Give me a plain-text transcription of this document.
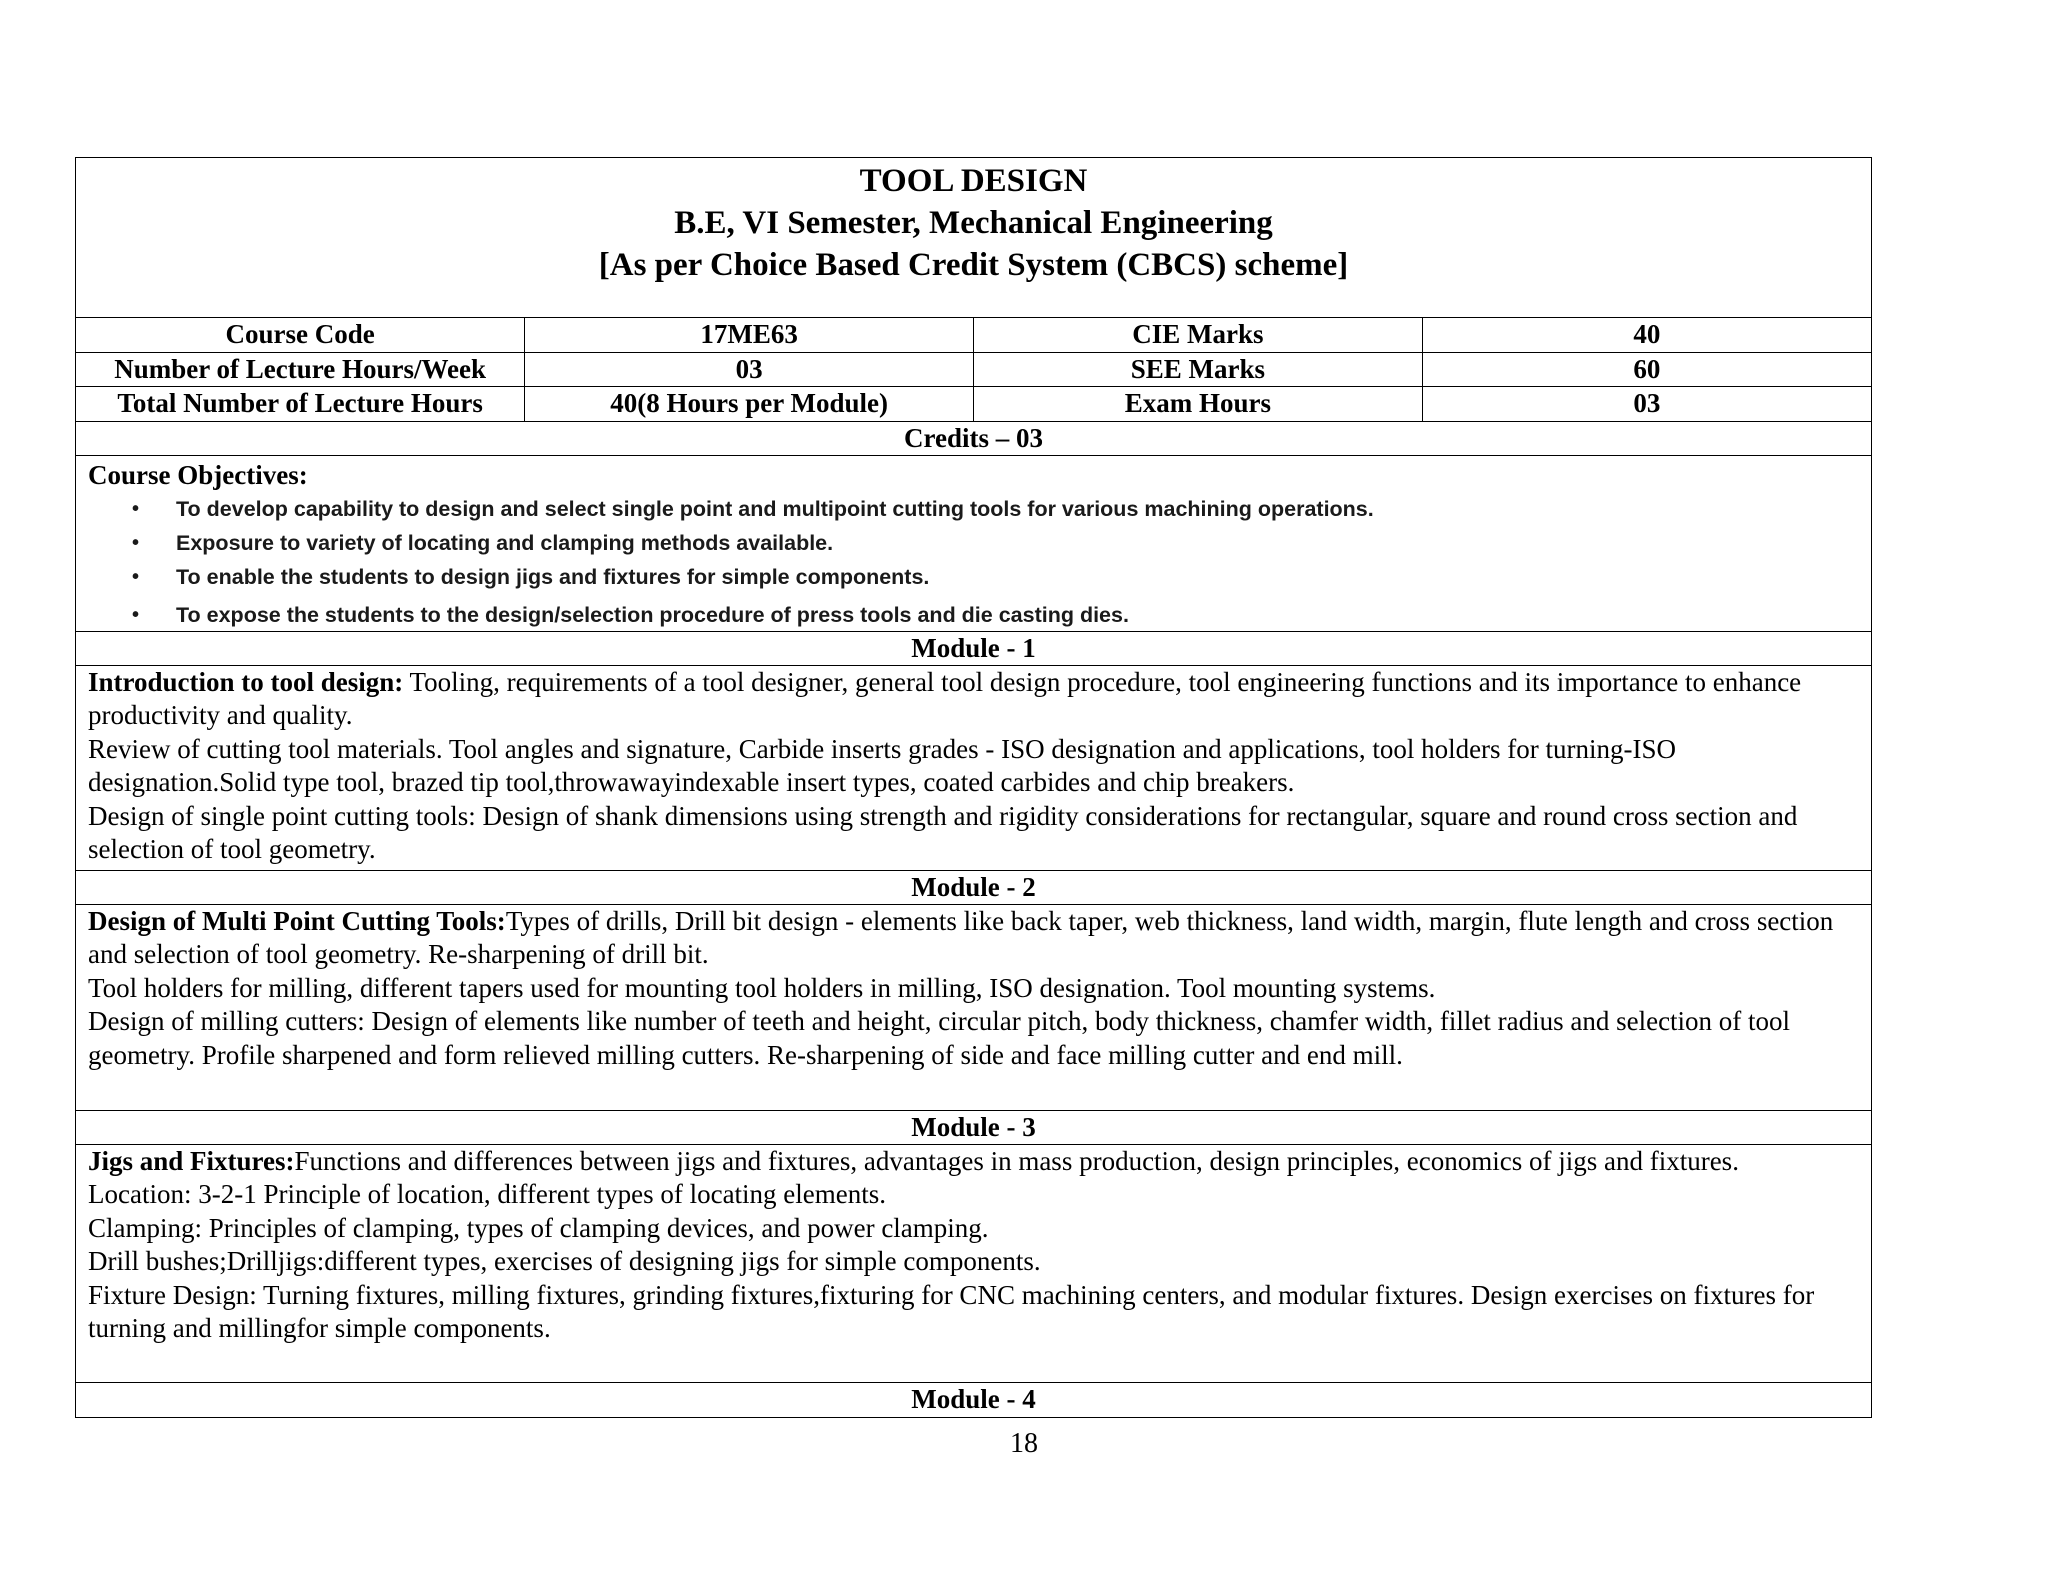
TOOL DESIGN
B.E, VI Semester, Mechanical Engineering
[As per Choice Based Credit System (CBCS) scheme]
Course Code	17ME63	CIE Marks	40
Number of Lecture Hours/Week	03	SEE Marks	60
Total Number of Lecture Hours	40(8 Hours per Module)	Exam Hours	03
Credits – 03
Course Objectives:
• To develop capability to design and select single point and multipoint cutting tools for various machining operations.
• Exposure to variety of locating and clamping methods available.
• To enable the students to design jigs and fixtures for simple components.
• To expose the students to the design/selection procedure of press tools and die casting dies.
Module - 1

Introduction to tool design: Tooling, requirements of a tool designer, general tool design procedure, tool engineering functions and its importance to enhance productivity and quality.

Review of cutting tool materials. Tool angles and signature, Carbide inserts grades - ISO designation and applications, tool holders for turning-ISO designation.Solid type tool, brazed tip tool,throwawayindexable insert types, coated carbides and chip breakers.

Design of single point cutting tools: Design of shank dimensions using strength and rigidity considerations for rectangular, square and round cross section and selection of tool geometry.

Module - 2

Design of Multi Point Cutting Tools:Types of drills, Drill bit design - elements like back taper, web thickness, land width, margin, flute length and cross section and selection of tool geometry. Re-sharpening of drill bit.

Tool holders for milling, different tapers used for mounting tool holders in milling, ISO designation. Tool mounting systems.

Design of milling cutters: Design of elements like number of teeth and height, circular pitch, body thickness, chamfer width, fillet radius and selection of tool geometry. Profile sharpened and form relieved milling cutters. Re-sharpening of side and face milling cutter and end mill.

Module - 3

Jigs and Fixtures:Functions and differences between jigs and fixtures, advantages in mass production, design principles, economics of jigs and fixtures.

Location: 3-2-1 Principle of location, different types of locating elements.

Clamping: Principles of clamping, types of clamping devices, and power clamping.

Drill bushes;Drilljigs:different types, exercises of designing jigs for simple components.

Fixture Design: Turning fixtures, milling fixtures, grinding fixtures,fixturing for CNC machining centers, and modular fixtures. Design exercises on fixtures for turning and millingfor simple components.

Module - 4
18
